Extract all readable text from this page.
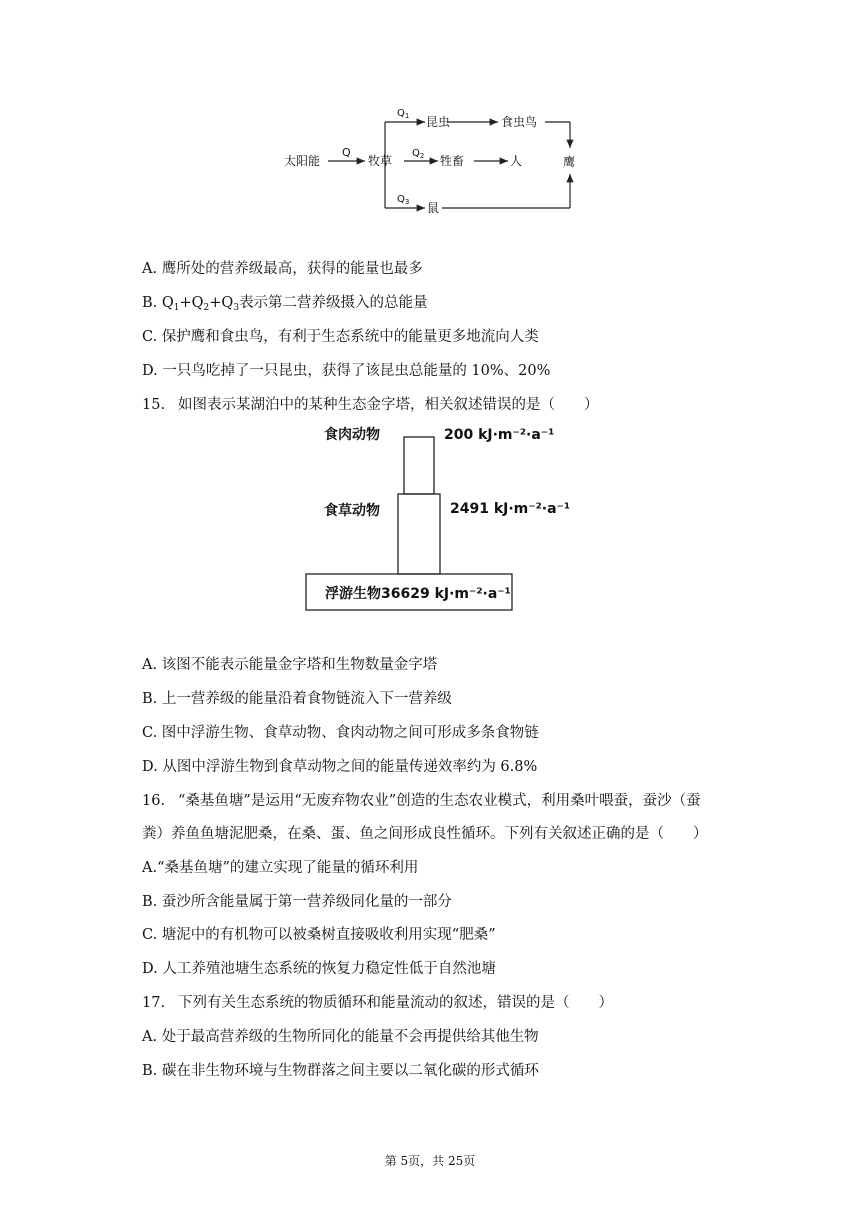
太阳能	牧草
昆虫	食虫鸟
牲畜	人
鼠
鹰
Q
$Q_1$
$Q_2$
$Q_3$
A. 鹰所处的营养级最高，获得的能量也最多
B. $Q_1+Q_2+Q_3$表示第二营养级摄入的总能量
C. 保护鹰和食虫鸟，有利于生态系统中的能量更多地流向人类
D. 一只鸟吃掉了一只昆虫，获得了该昆虫总能量的 10%、20%
15. 如图表示某湖泊中的某种生态金字塔，相关叙述错误的是（　　）
食肉动物	200 kJ·m⁻²·a⁻¹
食草动物	2491 kJ·m⁻²·a⁻¹
浮游生物36629 kJ·m⁻²·a⁻¹
A. 该图不能表示能量金字塔和生物数量金字塔
B. 上一营养级的能量沿着食物链流入下一营养级
C. 图中浮游生物、食草动物、食肉动物之间可形成多条食物链
D. 从图中浮游生物到食草动物之间的能量传递效率约为 6.8%
16. “桑基鱼塘”是运用“无废弃物农业”创造的生态农业模式，利用桑叶喂蚕，蚕沙（蚕
粪）养鱼鱼塘泥肥桑，在桑、蛋、鱼之间形成良性循环。下列有关叙述正确的是（　　）
A.“桑基鱼塘”的建立实现了能量的循环利用
B. 蚕沙所含能量属于第一营养级同化量的一部分
C. 塘泥中的有机物可以被桑树直接吸收利用实现“肥桑”
D. 人工养殖池塘生态系统的恢复力稳定性低于自然池塘
17. 下列有关生态系统的物质循环和能量流动的叙述，错误的是（　　）
A. 处于最高营养级的生物所同化的能量不会再提供给其他生物
B. 碳在非生物环境与生物群落之间主要以二氧化碳的形式循环
第 5页，共 25页
